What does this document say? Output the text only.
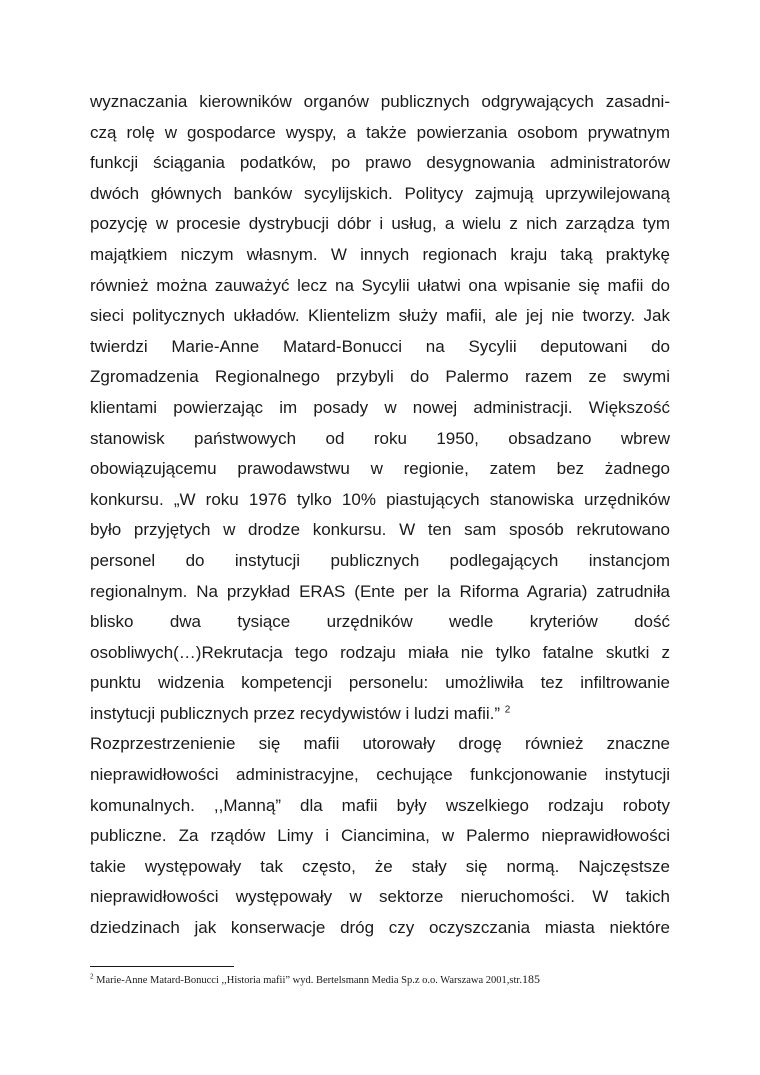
wyznaczania kierowników organów publicznych odgrywających zasadni-
czą rolę w gospodarce wyspy, a także powierzania osobom prywatnym
funkcji ściągania podatków, po prawo desygnowania administratorów
dwóch głównych banków sycylijskich. Politycy zajmują uprzywilejowaną
pozycję w procesie dystrybucji dóbr i usług, a wielu z nich zarządza tym
majątkiem niczym własnym. W innych regionach kraju taką praktykę
również można zauważyć lecz na Sycylii ułatwi ona wpisanie się mafii do
sieci politycznych układów. Klientelizm służy mafii, ale jej nie tworzy. Jak
twierdzi Marie-Anne Matard-Bonucci na Sycylii deputowani do
Zgromadzenia Regionalnego przybyli do Palermo razem ze swymi
klientami powierzając im posady w nowej administracji. Większość
stanowisk państwowych od roku 1950, obsadzano wbrew
obowiązującemu prawodawstwu w regionie, zatem bez żadnego
konkursu. „W roku 1976 tylko 10% piastujących stanowiska urzędników
było przyjętych w drodze konkursu. W ten sam sposób rekrutowano
personel do instytucji publicznych podlegających instancjom
regionalnym. Na przykład ERAS (Ente per la Riforma Agraria) zatrudniła
blisko dwa tysiące urzędników wedle kryteriów dość
osobliwych(…)Rekrutacja tego rodzaju miała nie tylko fatalne skutki z
punktu widzenia kompetencji personelu: umożliwiła tez infiltrowanie
instytucji publicznych przez recydywistów i ludzi mafii.” $^2$
Rozprzestrzenienie się mafii utorowały drogę również znaczne
nieprawidłowości administracyjne, cechujące funkcjonowanie instytucji
komunalnych. ,,Manną” dla mafii były wszelkiego rodzaju roboty
publiczne. Za rządów Limy i Ciancimina, w Palermo nieprawidłowości
takie występowały tak często, że stały się normą. Najczęstsze
nieprawidłowości występowały w sektorze nieruchomości. W takich
dziedzinach jak konserwacje dróg czy oczyszczania miasta niektóre
$^2$ Marie-Anne Matard-Bonucci ,,Historia mafii” wyd. Bertelsmann Media Sp.z o.o. Warszawa 2001,str.185
